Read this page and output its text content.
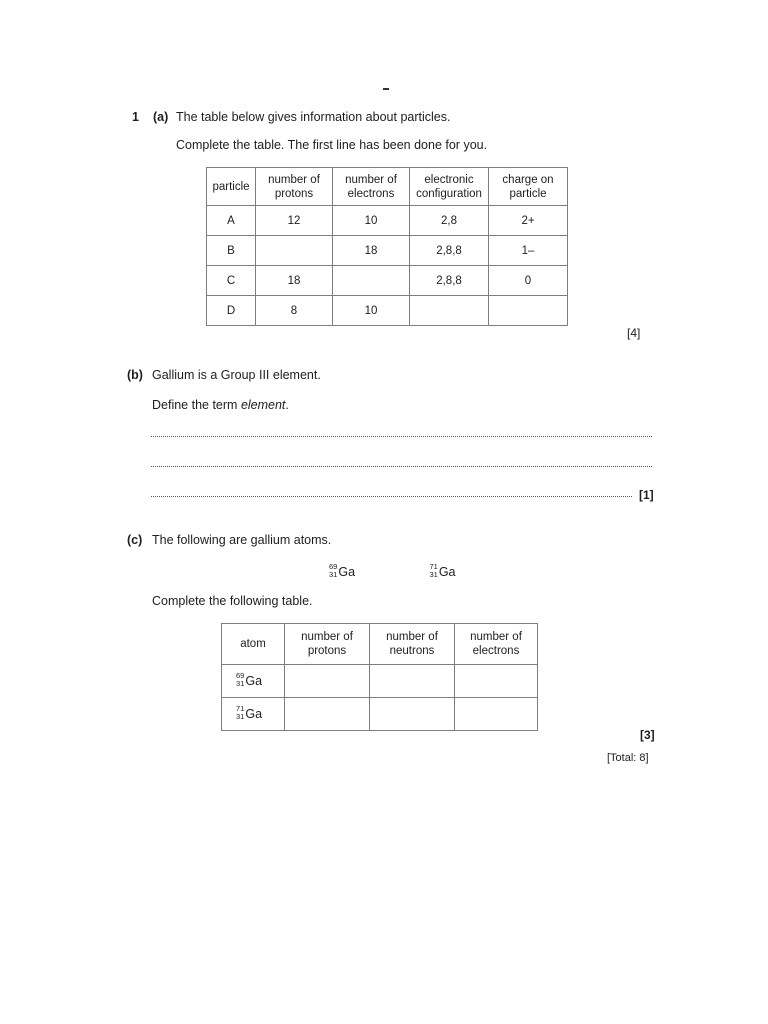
1 (a) The table below gives information about particles.
Complete the table. The first line has been done for you.
particle	number of protons	number of electrons	electronic configuration	charge on particle
A	12	10	2,8	2+
B		18	2,8,8	1–
C	18		2,8,8	0
D	8	10		
[4]
(b) Gallium is a Group III element.
Define the term element.
[1]
(c) The following are gallium atoms.
69
31 Ga	71
31 Ga
Complete the following table.
atom	number of protons	number of neutrons	number of electrons

69
31 Ga			

71
31 Ga			
[3]
[Total: 8]
